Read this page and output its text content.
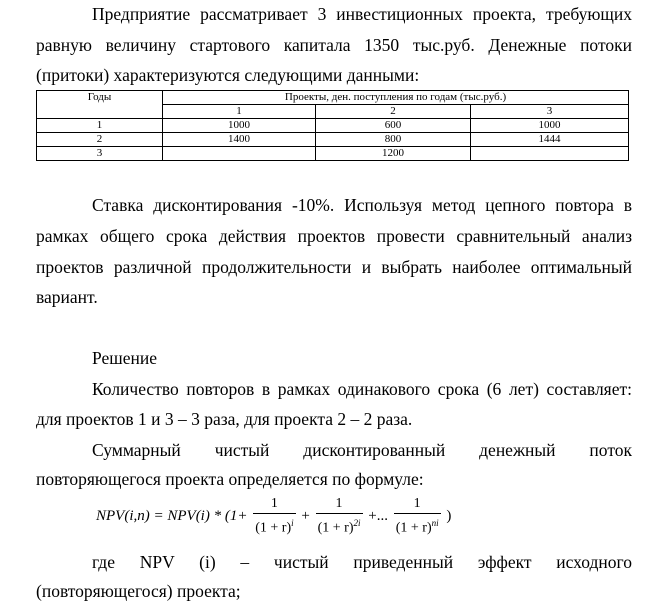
Предприятие рассматривает 3 инвестиционных проекта, требующих
равную величину стартового капитала 1350 тыс.руб. Денежные потоки
(притоки) характеризуются следующими данными:
Годы	Проекты, ден. поступления по годам (тыс.руб.)		
	1	2	3
1	1000	600	1000
2	1400	800	1444
3		1200	
Ставка дисконтирования -10%. Используя метод цепного повтора в
рамках общего срока действия проектов провести сравнительный анализ
проектов различной продолжительности и выбрать наиболее оптимальный
вариант.
Решение
Количество повторов в рамках одинакового срока (6 лет) составляет:
для проектов 1 и 3 – 3 раза, для проекта 2 – 2 раза.
Суммарный чистый дисконтированный денежный поток
повторяющегося проекта определяется по формуле:
$NPV(i,n) = NPV(i) * (1+ \frac{1}{(1 + r)^i} + \frac{1}{(1 + r)^{2i}}$ +... $\frac{1}{(1 + r)^{ni}}$ )
где NPV (i) – чистый приведенный эффект исходного
(повторяющегося) проекта;
